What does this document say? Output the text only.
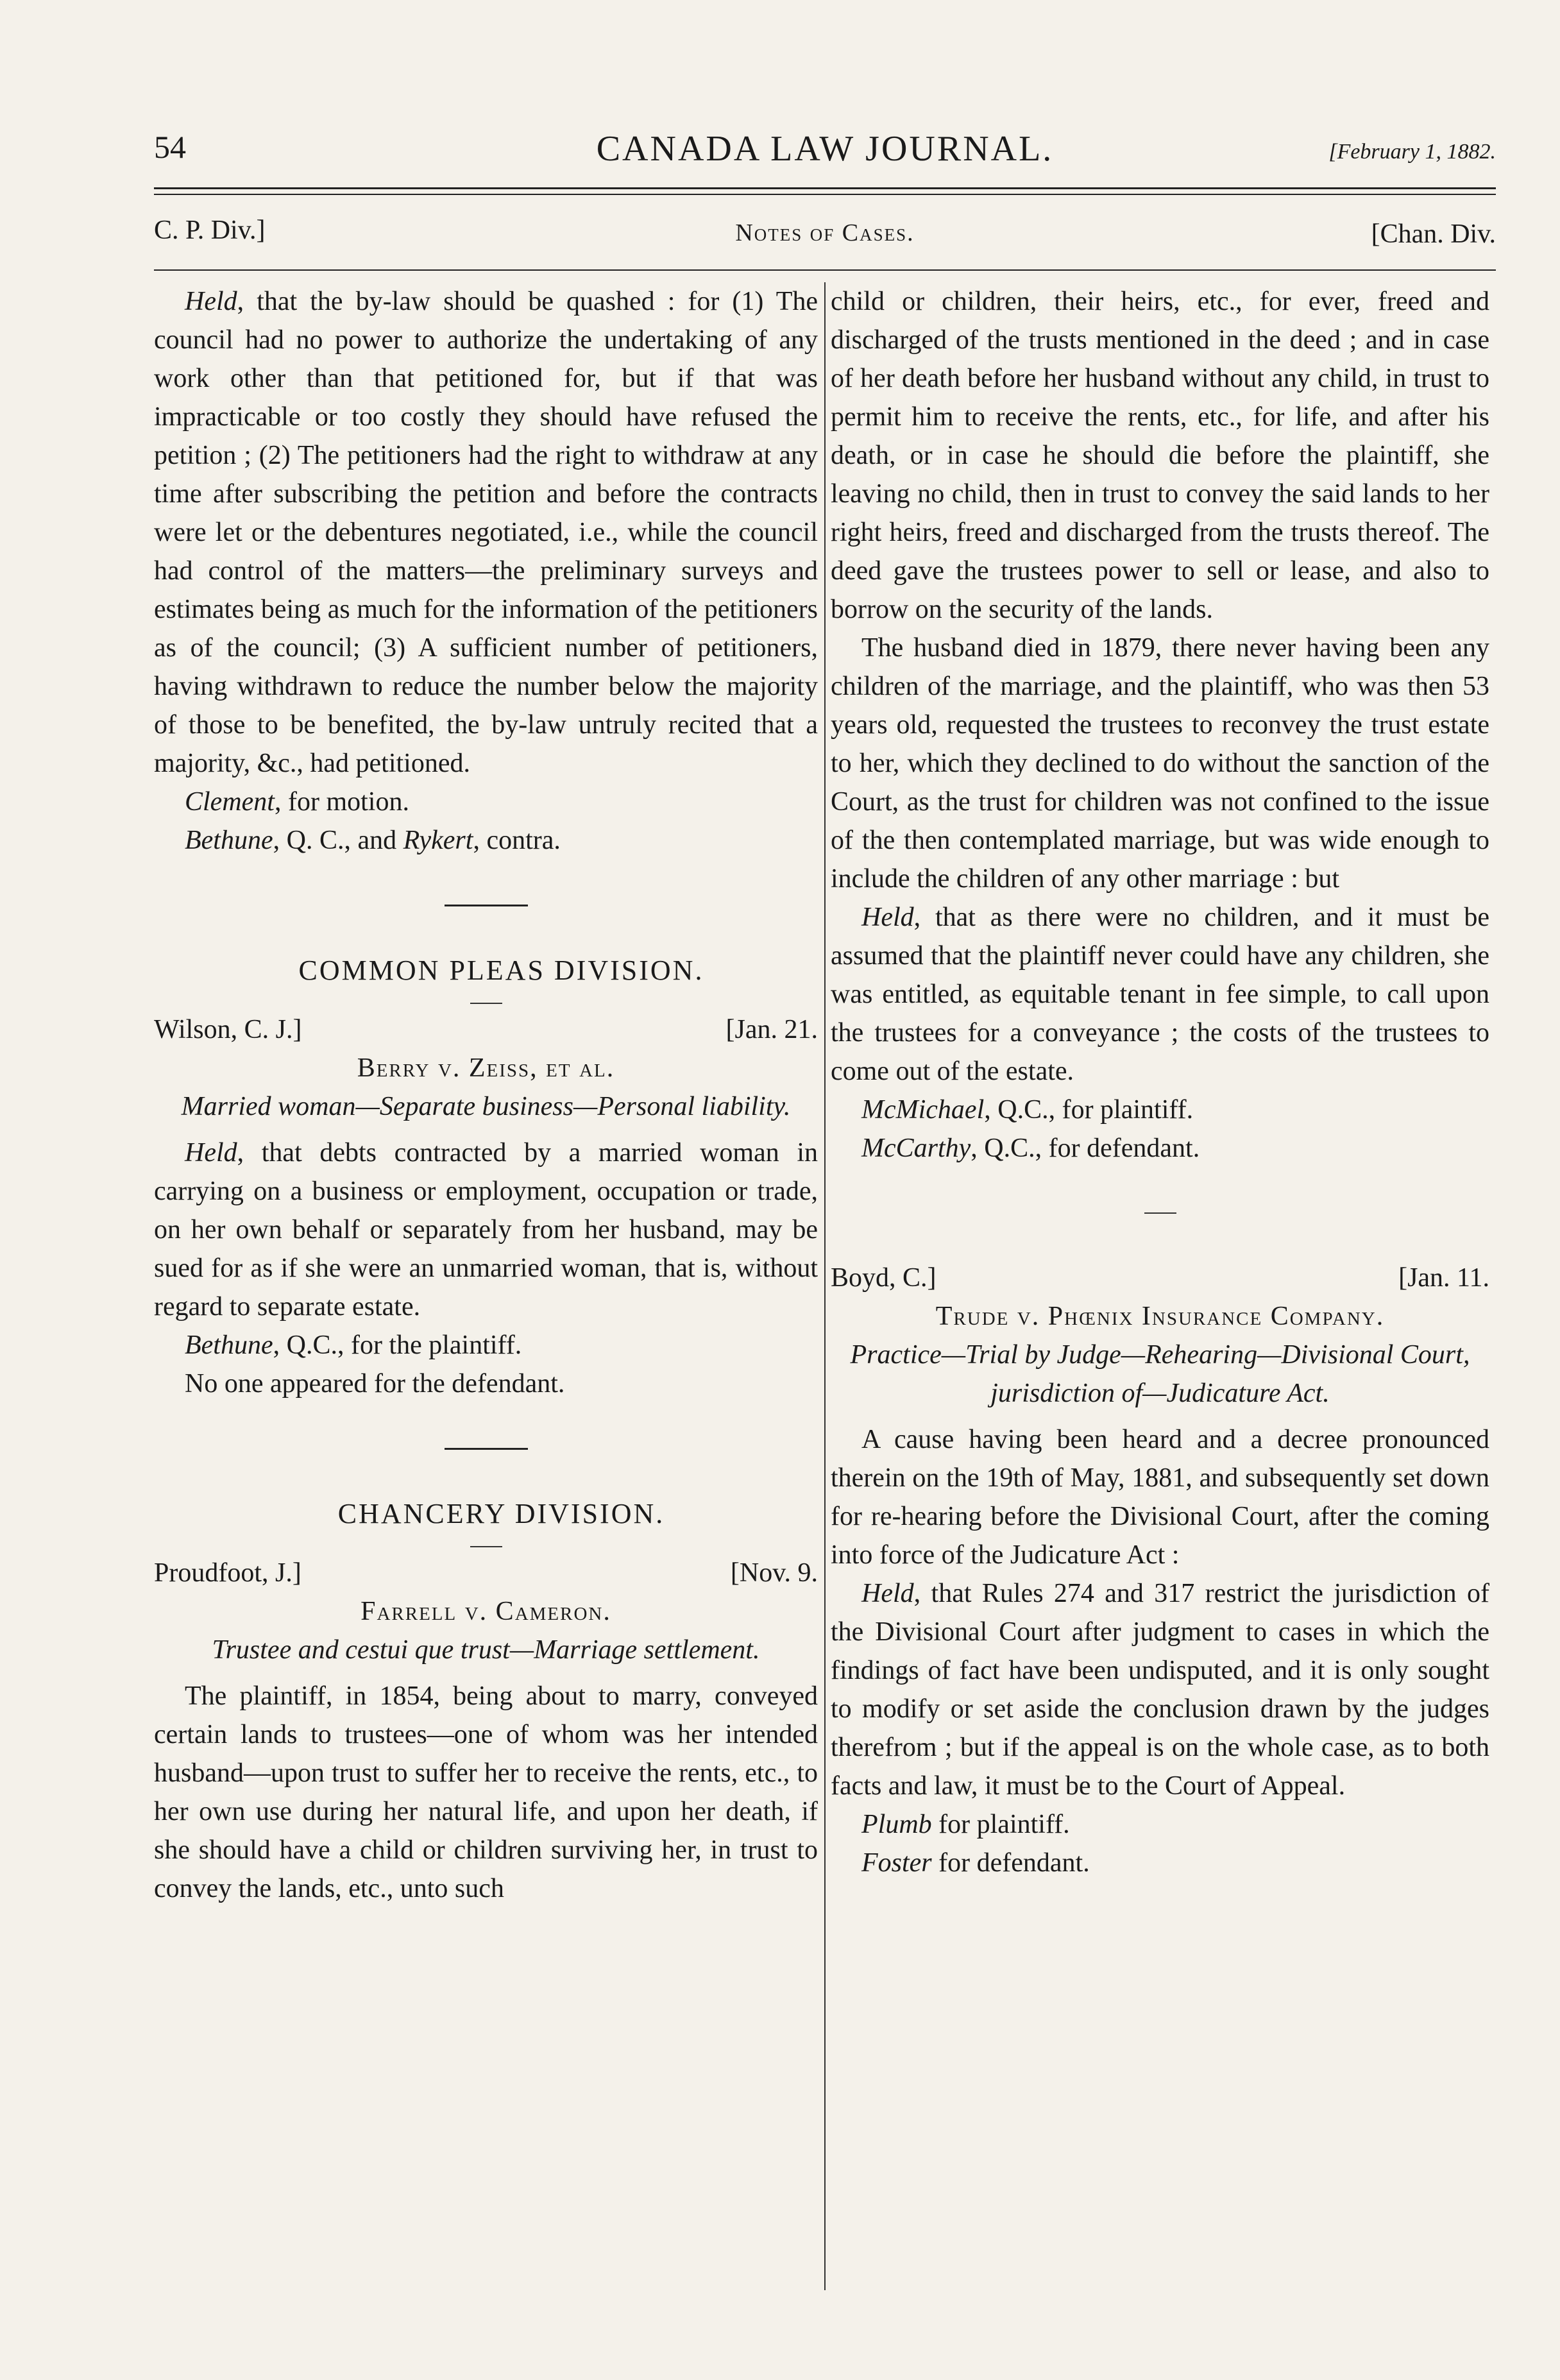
54	CANADA LAW JOURNAL.	[February 1, 1882.
C. P. Div.]	Notes of Cases.	[Chan. Div.

Held, that the by-law should be quashed : for (1) The council had no power to authorize the undertaking of any work other than that petitioned for, but if that was impracticable or too costly they should have refused the petition ; (2) The petitioners had the right to withdraw at any time after subscribing the petition and before the contracts were let or the debentures negotiated, i.e., while the council had control of the matters—the preliminary surveys and estimates being as much for the information of the petitioners as of the council; (3) A sufficient number of petitioners, having withdrawn to reduce the number below the majority of those to be benefited, the by-law untruly recited that a majority, &c., had petitioned.

Clement, for motion.

Bethune, Q. C., and Rykert, contra.

COMMON PLEAS DIVISION.

Wilson, C. J.]	[Jan. 21.
Berry v. Zeiss, et al.
Married woman—Separate business—Personal liability.

Held, that debts contracted by a married woman in carrying on a business or employment, occupation or trade, on her own behalf or separately from her husband, may be sued for as if she were an unmarried woman, that is, without regard to separate estate.

Bethune, Q.C., for the plaintiff.

No one appeared for the defendant.

CHANCERY DIVISION.

Proudfoot, J.]	[Nov. 9.
Farrell v. Cameron.
Trustee and cestui que trust—Marriage settlement.

The plaintiff, in 1854, being about to marry, conveyed certain lands to trustees—one of whom was her intended husband—upon trust to suffer her to receive the rents, etc., to her own use during her natural life, and upon her death, if she should have a child or children surviving her, in trust to convey the lands, etc., unto such

child or children, their heirs, etc., for ever, freed and discharged of the trusts mentioned in the deed ; and in case of her death before her husband without any child, in trust to permit him to receive the rents, etc., for life, and after his death, or in case he should die before the plaintiff, she leaving no child, then in trust to convey the said lands to her right heirs, freed and discharged from the trusts thereof. The deed gave the trustees power to sell or lease, and also to borrow on the security of the lands.

The husband died in 1879, there never having been any children of the marriage, and the plaintiff, who was then 53 years old, requested the trustees to reconvey the trust estate to her, which they declined to do without the sanction of the Court, as the trust for children was not confined to the issue of the then contemplated marriage, but was wide enough to include the children of any other marriage : but

Held, that as there were no children, and it must be assumed that the plaintiff never could have any children, she was entitled, as equitable tenant in fee simple, to call upon the trustees for a conveyance ; the costs of the trustees to come out of the estate.

McMichael, Q.C., for plaintiff.

McCarthy, Q.C., for defendant.

Boyd, C.]	[Jan. 11.
Trude v. Phœnix Insurance Company.
Practice—Trial by Judge—Rehearing—Divisional Court, jurisdiction of—Judicature Act.

A cause having been heard and a decree pronounced therein on the 19th of May, 1881, and subsequently set down for re-hearing before the Divisional Court, after the coming into force of the Judicature Act :

Held, that Rules 274 and 317 restrict the jurisdiction of the Divisional Court after judgment to cases in which the findings of fact have been undisputed, and it is only sought to modify or set aside the conclusion drawn by the judges therefrom ; but if the appeal is on the whole case, as to both facts and law, it must be to the Court of Appeal.

Plumb for plaintiff.

Foster for defendant.
